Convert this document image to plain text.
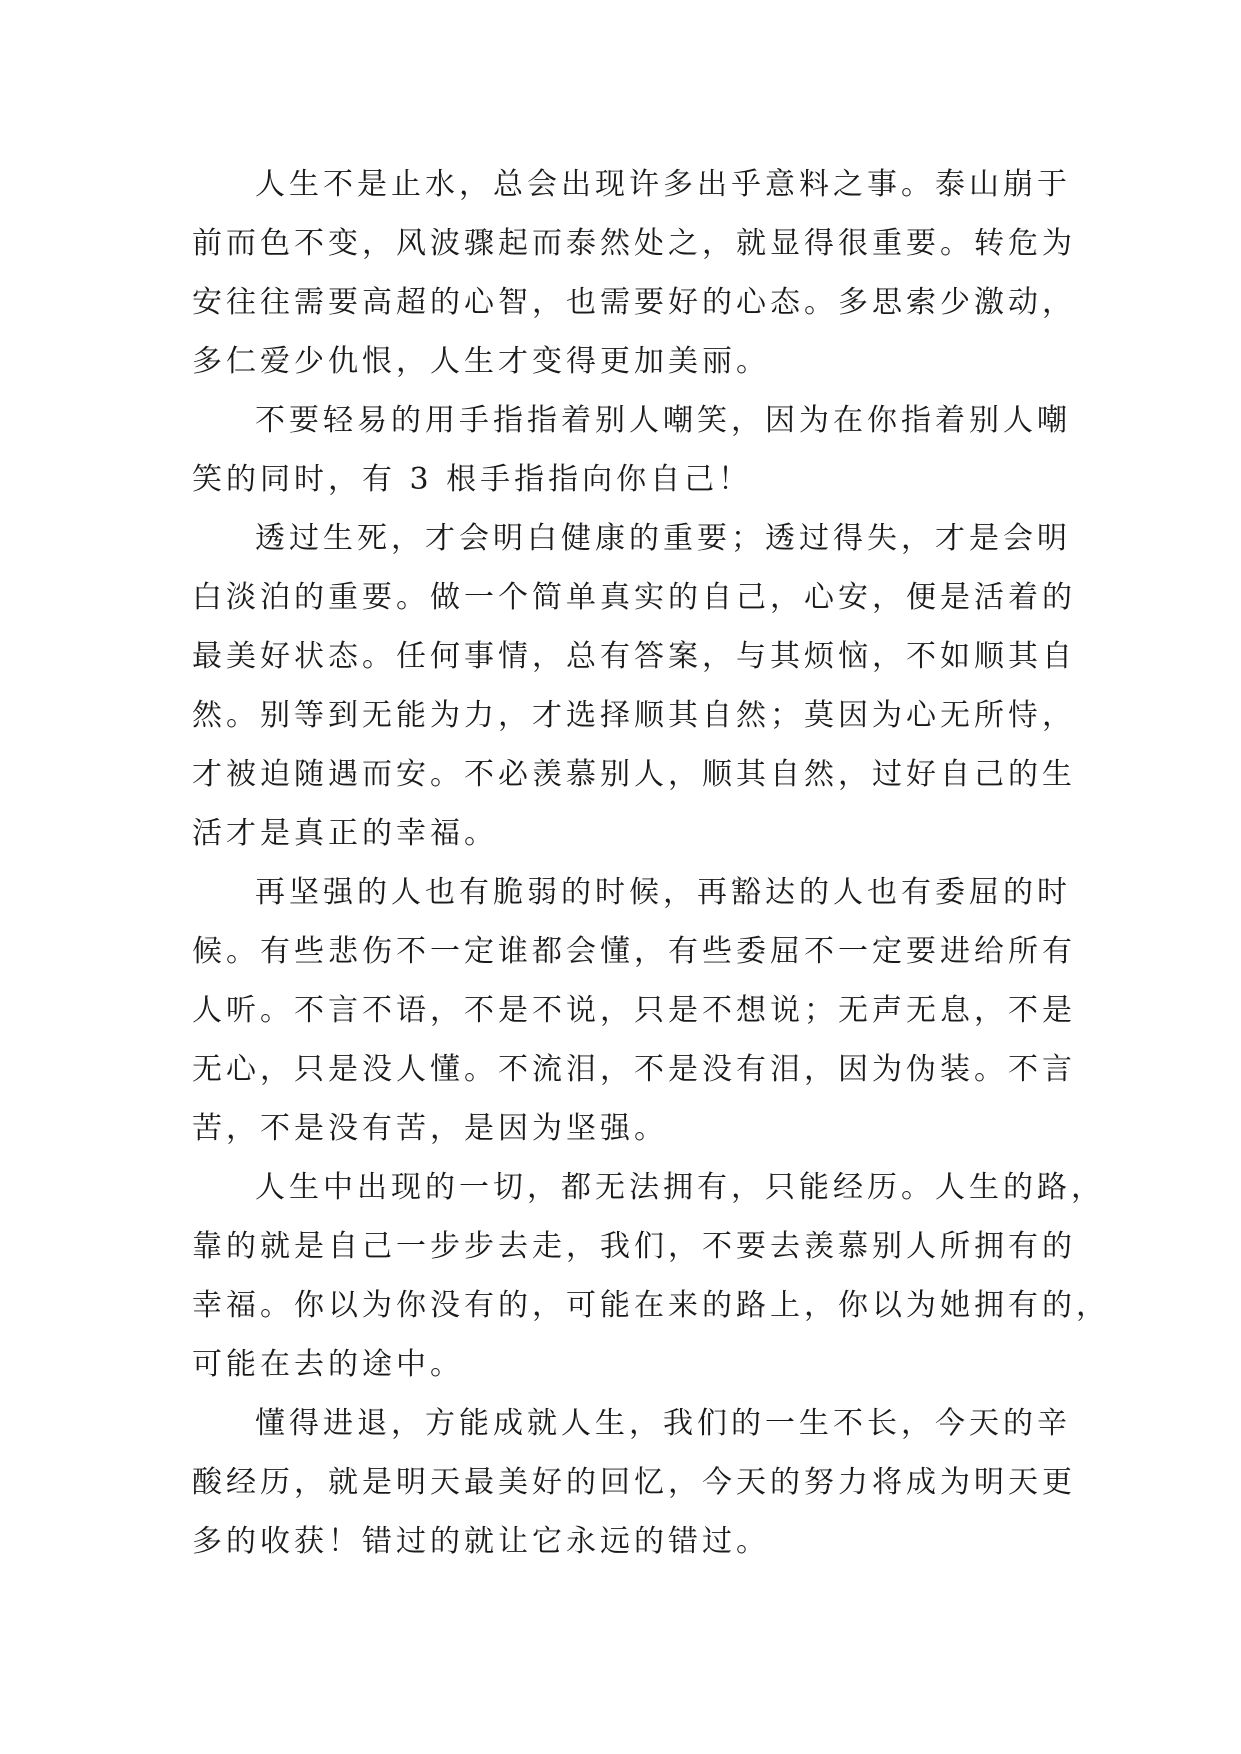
人生不是止水，总会出现许多出乎意料之事。泰山崩于
前而色不变，风波骤起而泰然处之，就显得很重要。转危为
安往往需要高超的心智，也需要好的心态。多思索少激动，
多仁爱少仇恨，人生才变得更加美丽。

不要轻易的用手指指着别人嘲笑，因为在你指着别人嘲
笑的同时，有 3 根手指指向你自己！

透过生死，才会明白健康的重要；透过得失，才是会明
白淡泊的重要。做一个简单真实的自己，心安，便是活着的
最美好状态。任何事情，总有答案，与其烦恼，不如顺其自
然。别等到无能为力，才选择顺其自然；莫因为心无所恃，
才被迫随遇而安。不必羡慕别人，顺其自然，过好自己的生
活才是真正的幸福。

再坚强的人也有脆弱的时候，再豁达的人也有委屈的时
候。有些悲伤不一定谁都会懂，有些委屈不一定要进给所有
人听。不言不语，不是不说，只是不想说；无声无息，不是
无心，只是没人懂。不流泪，不是没有泪，因为伪装。不言
苦，不是没有苦，是因为坚强。

人生中出现的一切，都无法拥有，只能经历。人生的路，
靠的就是自己一步步去走，我们，不要去羡慕别人所拥有的
幸福。你以为你没有的，可能在来的路上，你以为她拥有的，
可能在去的途中。

懂得进退，方能成就人生，我们的一生不长，今天的辛
酸经历，就是明天最美好的回忆，今天的努力将成为明天更
多的收获！错过的就让它永远的错过。
